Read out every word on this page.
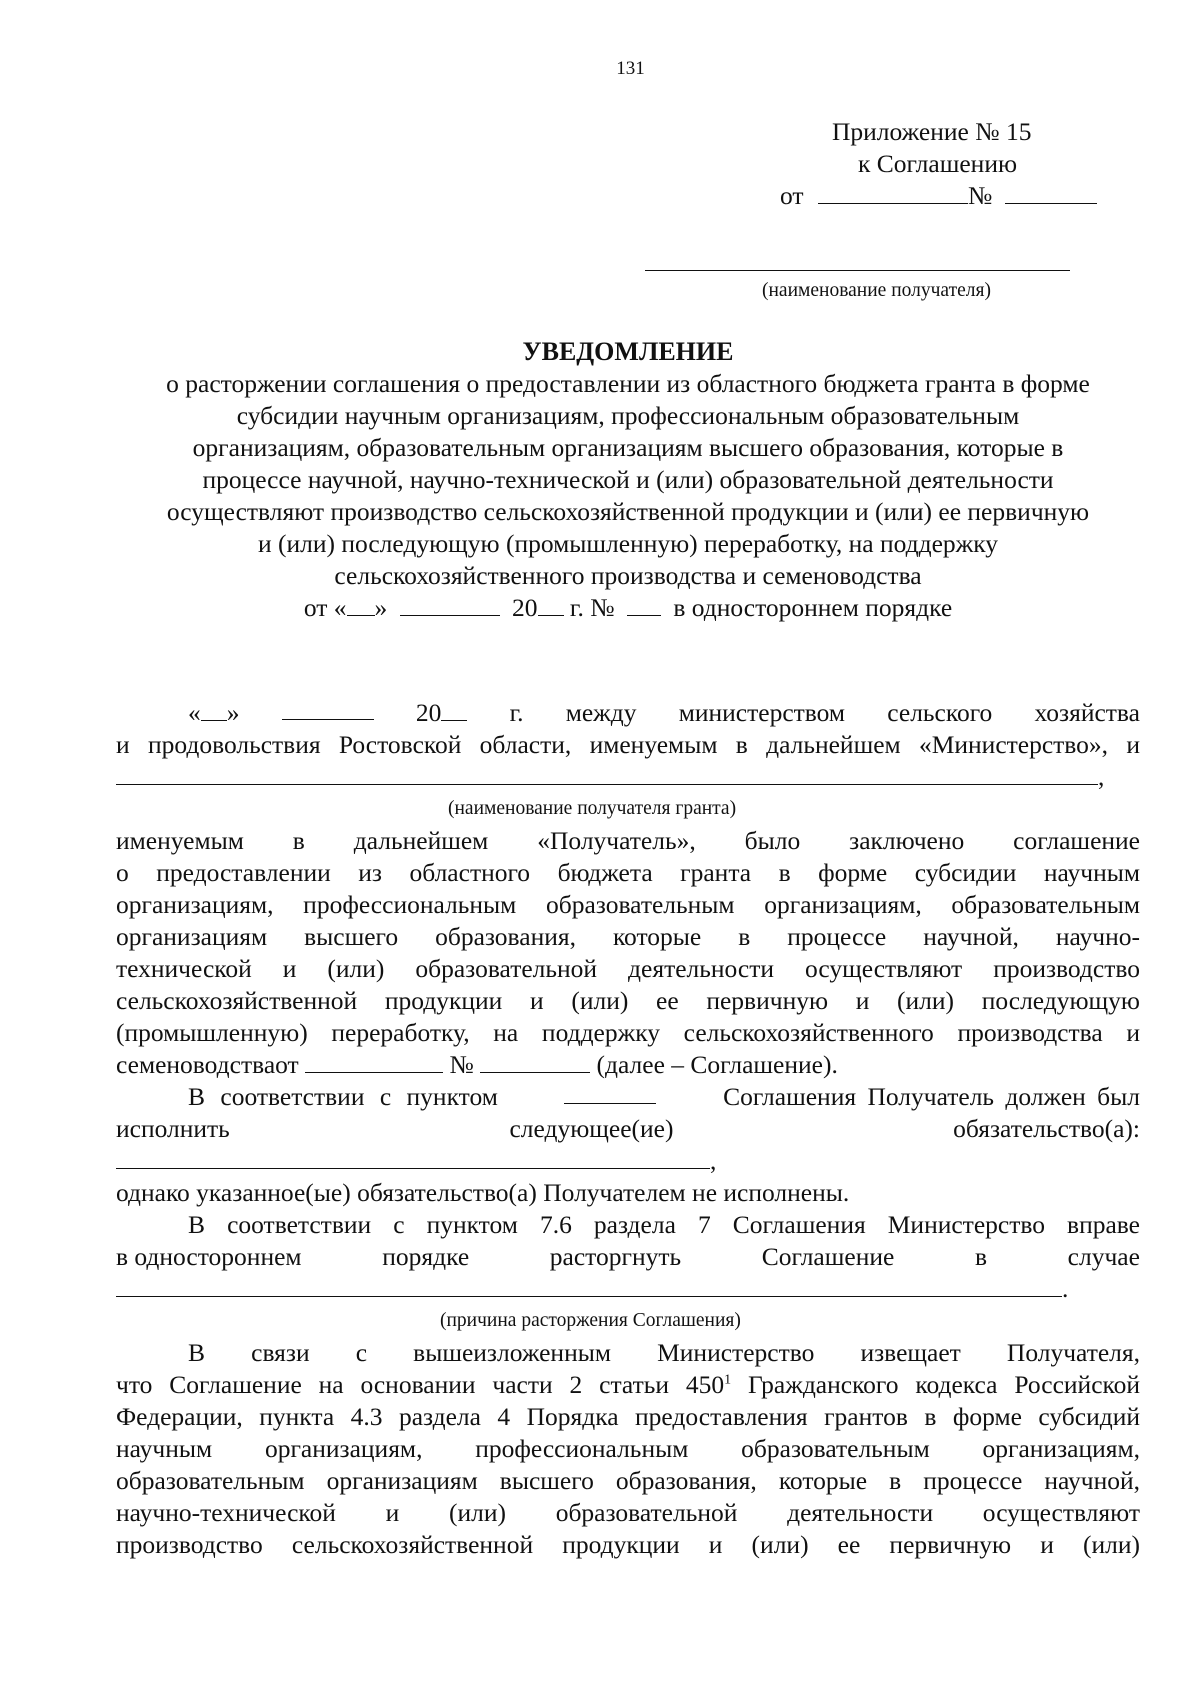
131
Приложение № 15
к Соглашению
от	№
(наименование получателя)
УВЕДОМЛЕНИЕ
о расторжении соглашения о предоставлении из областного бюджета гранта в форме
субсидии научным организациям, профессиональным образовательным
организациям, образовательным организациям высшего образования, которые в
процессе научной, научно-технической и (или) образовательной деятельности
осуществляют производство сельскохозяйственной продукции и (или) ее первичную
и (или) последующую (промышленную) переработку, на поддержку
сельскохозяйственного производства и семеноводства
от « »	20 г. № в одностороннем порядке
« »	20	г. между министерством сельского хозяйства
и продовольствия Ростовской области, именуемым в дальнейшем «Министерство», и
,
(наименование получателя гранта)
именуемым в дальнейшем «Получатель», было заключено соглашение
о предоставлении из областного бюджета гранта в форме субсидии научным
организациям, профессиональным образовательным организациям, образовательным
организациям высшего образования, которые в процессе научной, научно-
технической и (или) образовательной деятельности осуществляют производство
сельскохозяйственной продукции и (или) ее первичную и (или) последующую
(промышленную) переработку, на поддержку сельскохозяйственного производства и
семеноводстваот	№	(далее – Соглашение).
В соответствии с пунктом	Соглашения Получатель должен был
исполнить	следующее(ие)	обязательство(а):
,
однако указанное(ые) обязательство(а) Получателем не исполнены.
В соответствии с пунктом 7.6 раздела 7 Соглашения Министерство вправе
в одностороннем	порядке	расторгнуть	Соглашение	в	случае
.
(причина расторжения Соглашения)
В связи с вышеизложенным Министерство извещает Получателя,
что Соглашение на основании части 2 статьи $450^1$ Гражданского кодекса Российской
Федерации, пункта 4.3 раздела 4 Порядка предоставления грантов в форме субсидий
научным организациям, профессиональным образовательным организациям,
образовательным организациям высшего образования, которые в процессе научной,
научно-технической и (или) образовательной деятельности осуществляют
производство сельскохозяйственной продукции и (или) ее первичную и (или)
